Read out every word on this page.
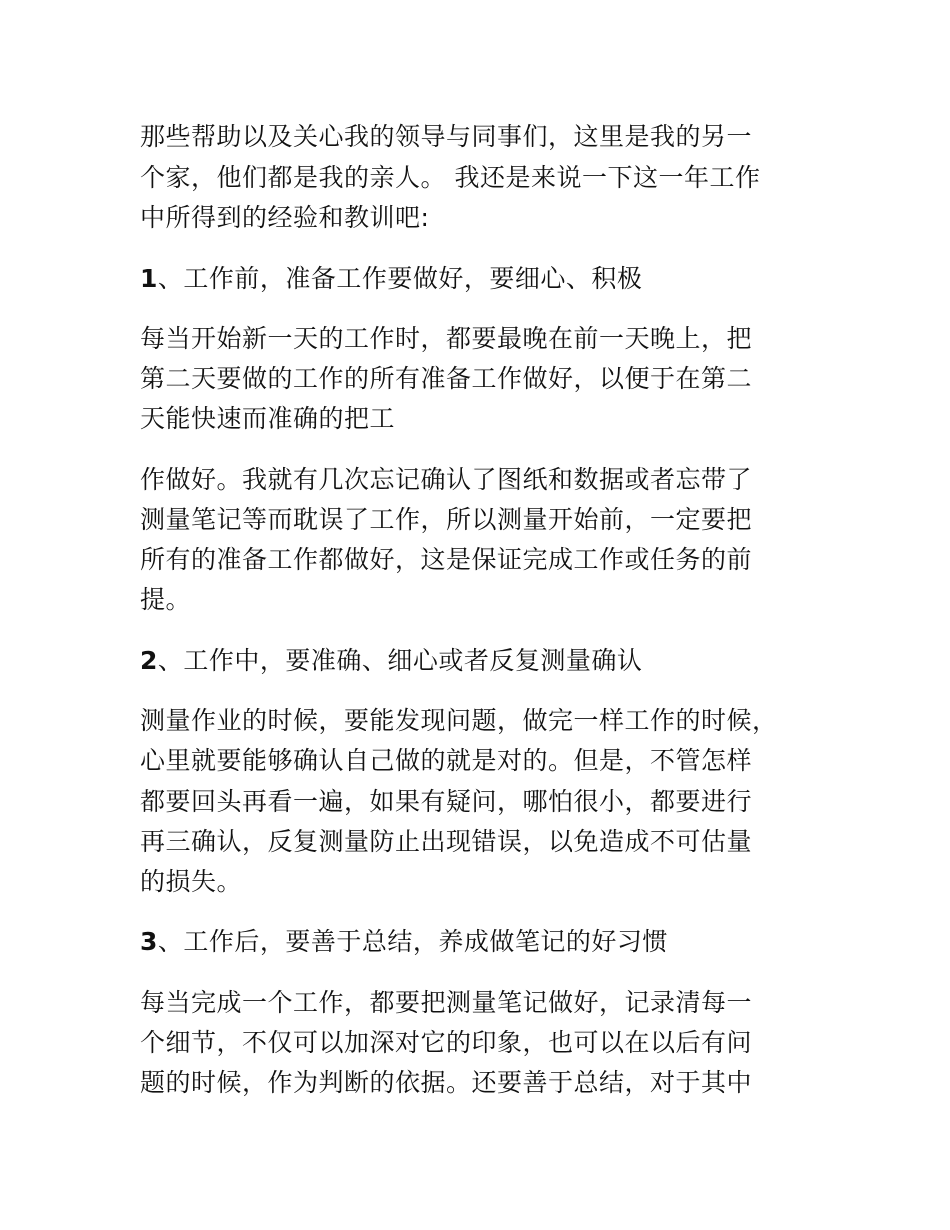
那些帮助以及关心我的领导与同事们，这里是我的另一
个家，他们都是我的亲人。 我还是来说一下这一年工作
中所得到的经验和教训吧:
1、工作前，准备工作要做好，要细心、积极
每当开始新一天的工作时，都要最晚在前一天晚上，把
第二天要做的工作的所有准备工作做好，以便于在第二
天能快速而准确的把工
作做好。我就有几次忘记确认了图纸和数据或者忘带了
测量笔记等而耽误了工作，所以测量开始前，一定要把
所有的准备工作都做好，这是保证完成工作或任务的前
提。
2、工作中，要准确、细心或者反复测量确认
测量作业的时候，要能发现问题，做完一样工作的时候，
心里就要能够确认自己做的就是对的。但是，不管怎样
都要回头再看一遍，如果有疑问，哪怕很小，都要进行
再三确认，反复测量防止出现错误，以免造成不可估量
的损失。
3、工作后，要善于总结，养成做笔记的好习惯
每当完成一个工作，都要把测量笔记做好，记录清每一
个细节，不仅可以加深对它的印象，也可以在以后有问
题的时候，作为判断的依据。还要善于总结，对于其中
